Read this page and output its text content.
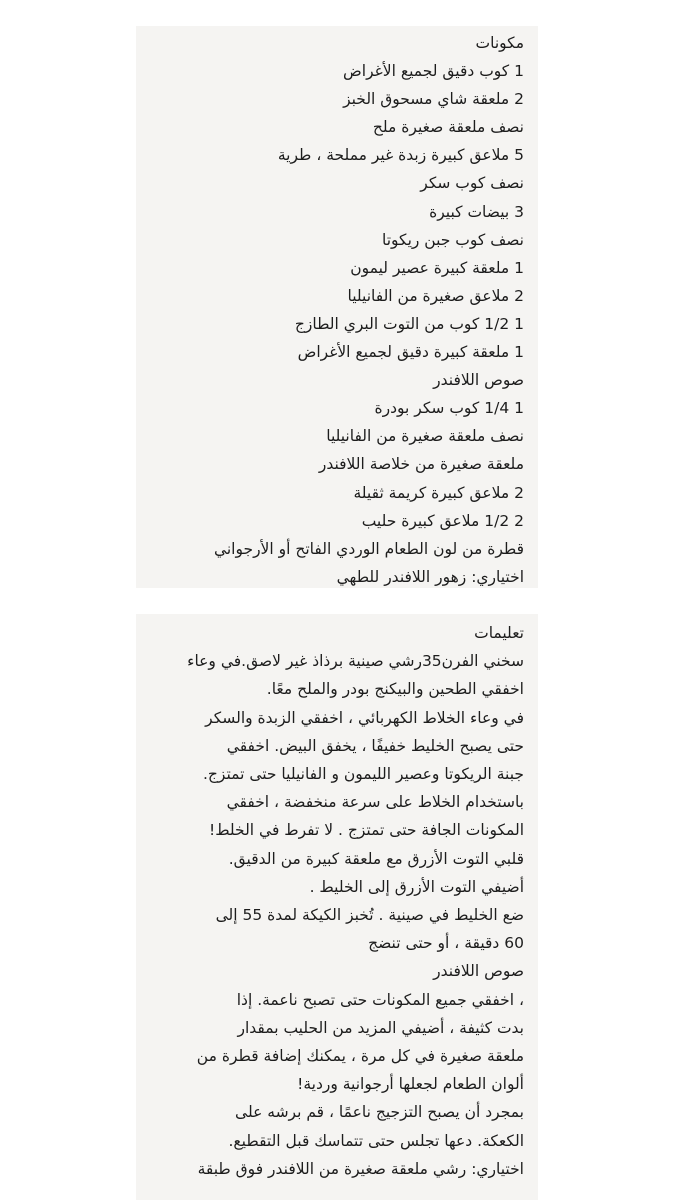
مكونات
1 كوب دقيق لجميع الأغراض
2 ملعقة شاي مسحوق الخبز
نصف ملعقة صغيرة ملح
5 ملاعق كبيرة زبدة غير مملحة ، طرية
نصف كوب سكر
3 بيضات كبيرة
نصف كوب جبن ريكوتا
1 ملعقة كبيرة عصير ليمون
2 ملاعق صغيرة من الفانيليا
1 1/2 كوب من التوت البري الطازج
1 ملعقة كبيرة دقيق لجميع الأغراض
صوص اللافندر
1 1/4 كوب سكر بودرة
نصف ملعقة صغيرة من الفانيليا
ملعقة صغيرة من خلاصة اللافندر
2 ملاعق كبيرة كريمة ثقيلة
2 1/2 ملاعق كبيرة حليب
قطرة من لون الطعام الوردي الفاتح أو الأرجواني
اختياري: زهور اللافندر للطهي
تعليمات
سخني الفرن35رشي صينية برذاذ غير لاصق.في وعاء
اخفقي الطحين والبيكنج بودر والملح معًا.
في وعاء الخلاط الكهربائي ، اخفقي الزبدة والسكر
حتى يصبح الخليط خفيفًا ، يخفق البيض. اخفقي
جبنة الريكوتا وعصير الليمون و الفانيليا حتى تمتزج.
باستخدام الخلاط على سرعة منخفضة ، اخفقي
المكونات الجافة حتى تمتزج . لا تفرط في الخلط!
قلبي التوت الأزرق مع ملعقة كبيرة من الدقيق.
أضيفي التوت الأزرق إلى الخليط .
ضع الخليط في صينية . تُخبز الكيكة لمدة 55 إلى
60 دقيقة ، أو حتى تنضج
صوص اللافندر
، اخفقي جميع المكونات حتى تصبح ناعمة. إذا
بدت كثيفة ، أضيفي المزيد من الحليب بمقدار
ملعقة صغيرة في كل مرة ، يمكنك إضافة قطرة من
ألوان الطعام لجعلها أرجوانية وردية!
بمجرد أن يصبح التزجيج ناعمًا ، قم برشه على
الكعكة. دعها تجلس حتى تتماسك قبل التقطيع.
اختياري: رشي ملعقة صغيرة من اللافندر فوق طبقة
